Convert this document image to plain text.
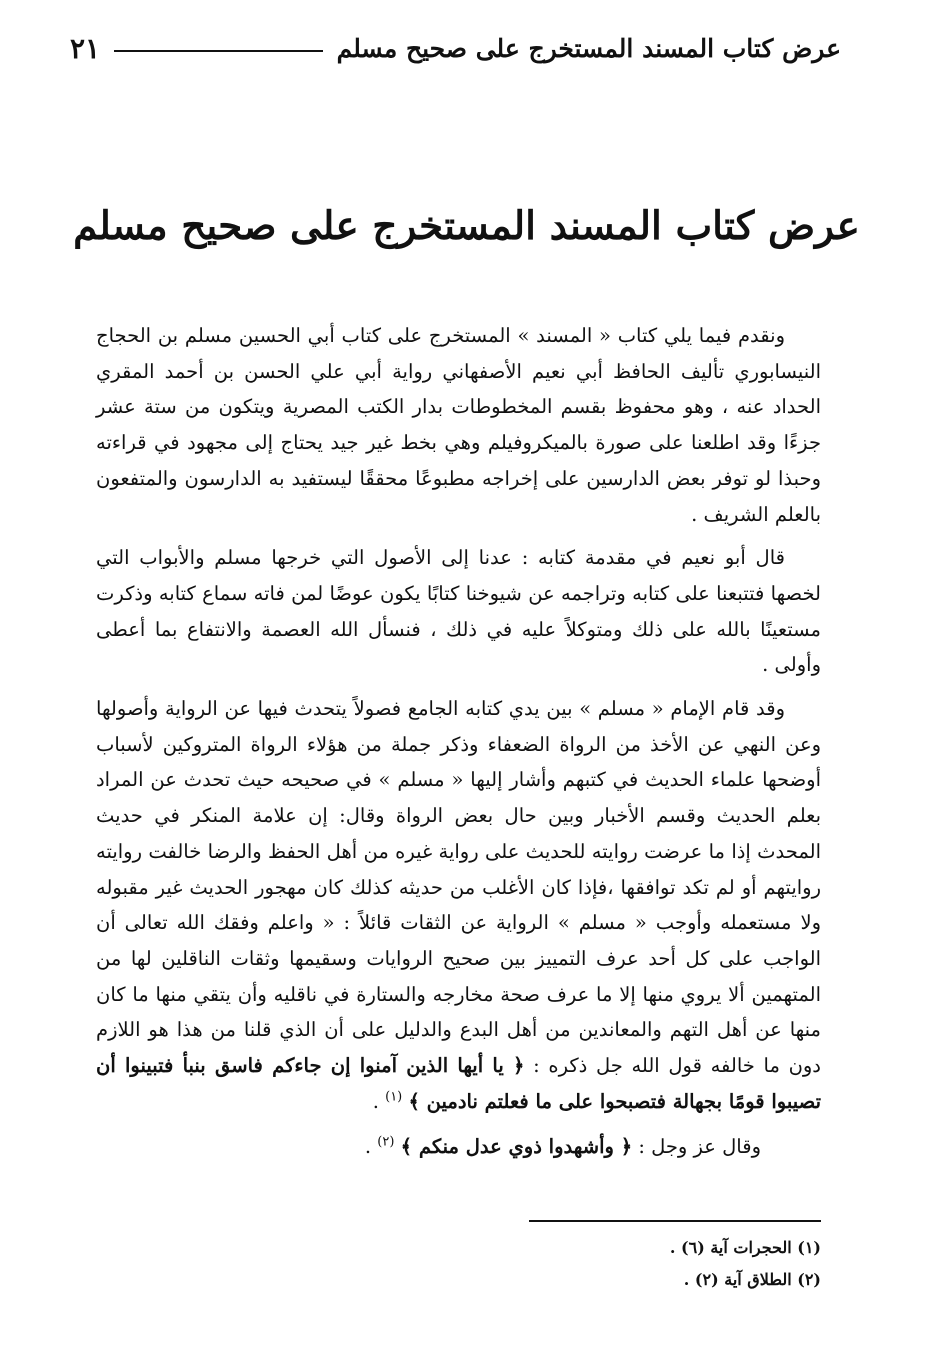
عرض كتاب المسند المستخرج على صحيح مسلم
٢١
عرض كتاب المسند المستخرج على صحيح مسلم

ونقدم فيما يلي كتاب « المسند » المستخرج على كتاب أبي الحسين مسلم بن الحجاج النيسابوري تأليف الحافظ أبي نعيم الأصفهاني رواية أبي علي الحسن بن أحمد المقري الحداد عنه ، وهو محفوظ بقسم المخطوطات بدار الكتب المصرية ويتكون من ستة عشر جزءًا وقد اطلعنا على صورة بالميكروفيلم وهي بخط غير جيد يحتاج إلى مجهود في قراءته وحبذا لو توفر بعض الدارسين على إخراجه مطبوعًا محققًا ليستفيد به الدارسون والمتفعون بالعلم الشريف .

قال أبو نعيم في مقدمة كتابه : عدنا إلى الأصول التي خرجها مسلم والأبواب التي لخصها فتتبعنا على كتابه وتراجمه عن شيوخنا كتابًا يكون عوضًا لمن فاته سماع كتابه وذكرت مستعينًا بالله على ذلك ومتوكلاً عليه في ذلك ، فنسأل الله العصمة والانتفاع بما أعطى وأولى .

وقد قام الإمام « مسلم » بين يدي كتابه الجامع فصولاً يتحدث فيها عن الرواية وأصولها وعن النهي عن الأخذ من الرواة الضعفاء وذكر جملة من هؤلاء الرواة المتروكين لأسباب أوضحها علماء الحديث في كتبهم وأشار إليها « مسلم » في صحيحه حيث تحدث عن المراد بعلم الحديث وقسم الأخبار وبين حال بعض الرواة وقال: إن علامة المنكر في حديث المحدث إذا ما عرضت روايته للحديث على رواية غيره من أهل الحفظ والرضا خالفت روايته روايتهم أو لم تكد توافقها ،فإذا كان الأغلب من حديثه كذلك كان مهجور الحديث غير مقبوله ولا مستعمله وأوجب « مسلم » الرواية عن الثقات قائلاً : « واعلم وفقك الله تعالى أن الواجب على كل أحد عرف التمييز بين صحيح الروايات وسقيمها وثقات الناقلين لها من المتهمين ألا يروي منها إلا ما عرف صحة مخارجه والستارة في ناقليه وأن يتقي منها ما كان منها عن أهل التهم والمعاندين من أهل البدع والدليل على أن الذي قلنا من هذا هو اللازم دون ما خالفه قول الله جل ذكره : ﴿ يا أيها الذين آمنوا إن جاءكم فاسق بنبأ فتبينوا أن تصيبوا قومًا بجهالة فتصبحوا على ما فعلتم نادمين ﴾ $^{(١)}$ .

وقال عز وجل : ﴿ وأشهدوا ذوي عدل منكم ﴾ $^{(٢)}$ .

(١) الحجرات آية (٦) .

(٢) الطلاق آية (٢) .
